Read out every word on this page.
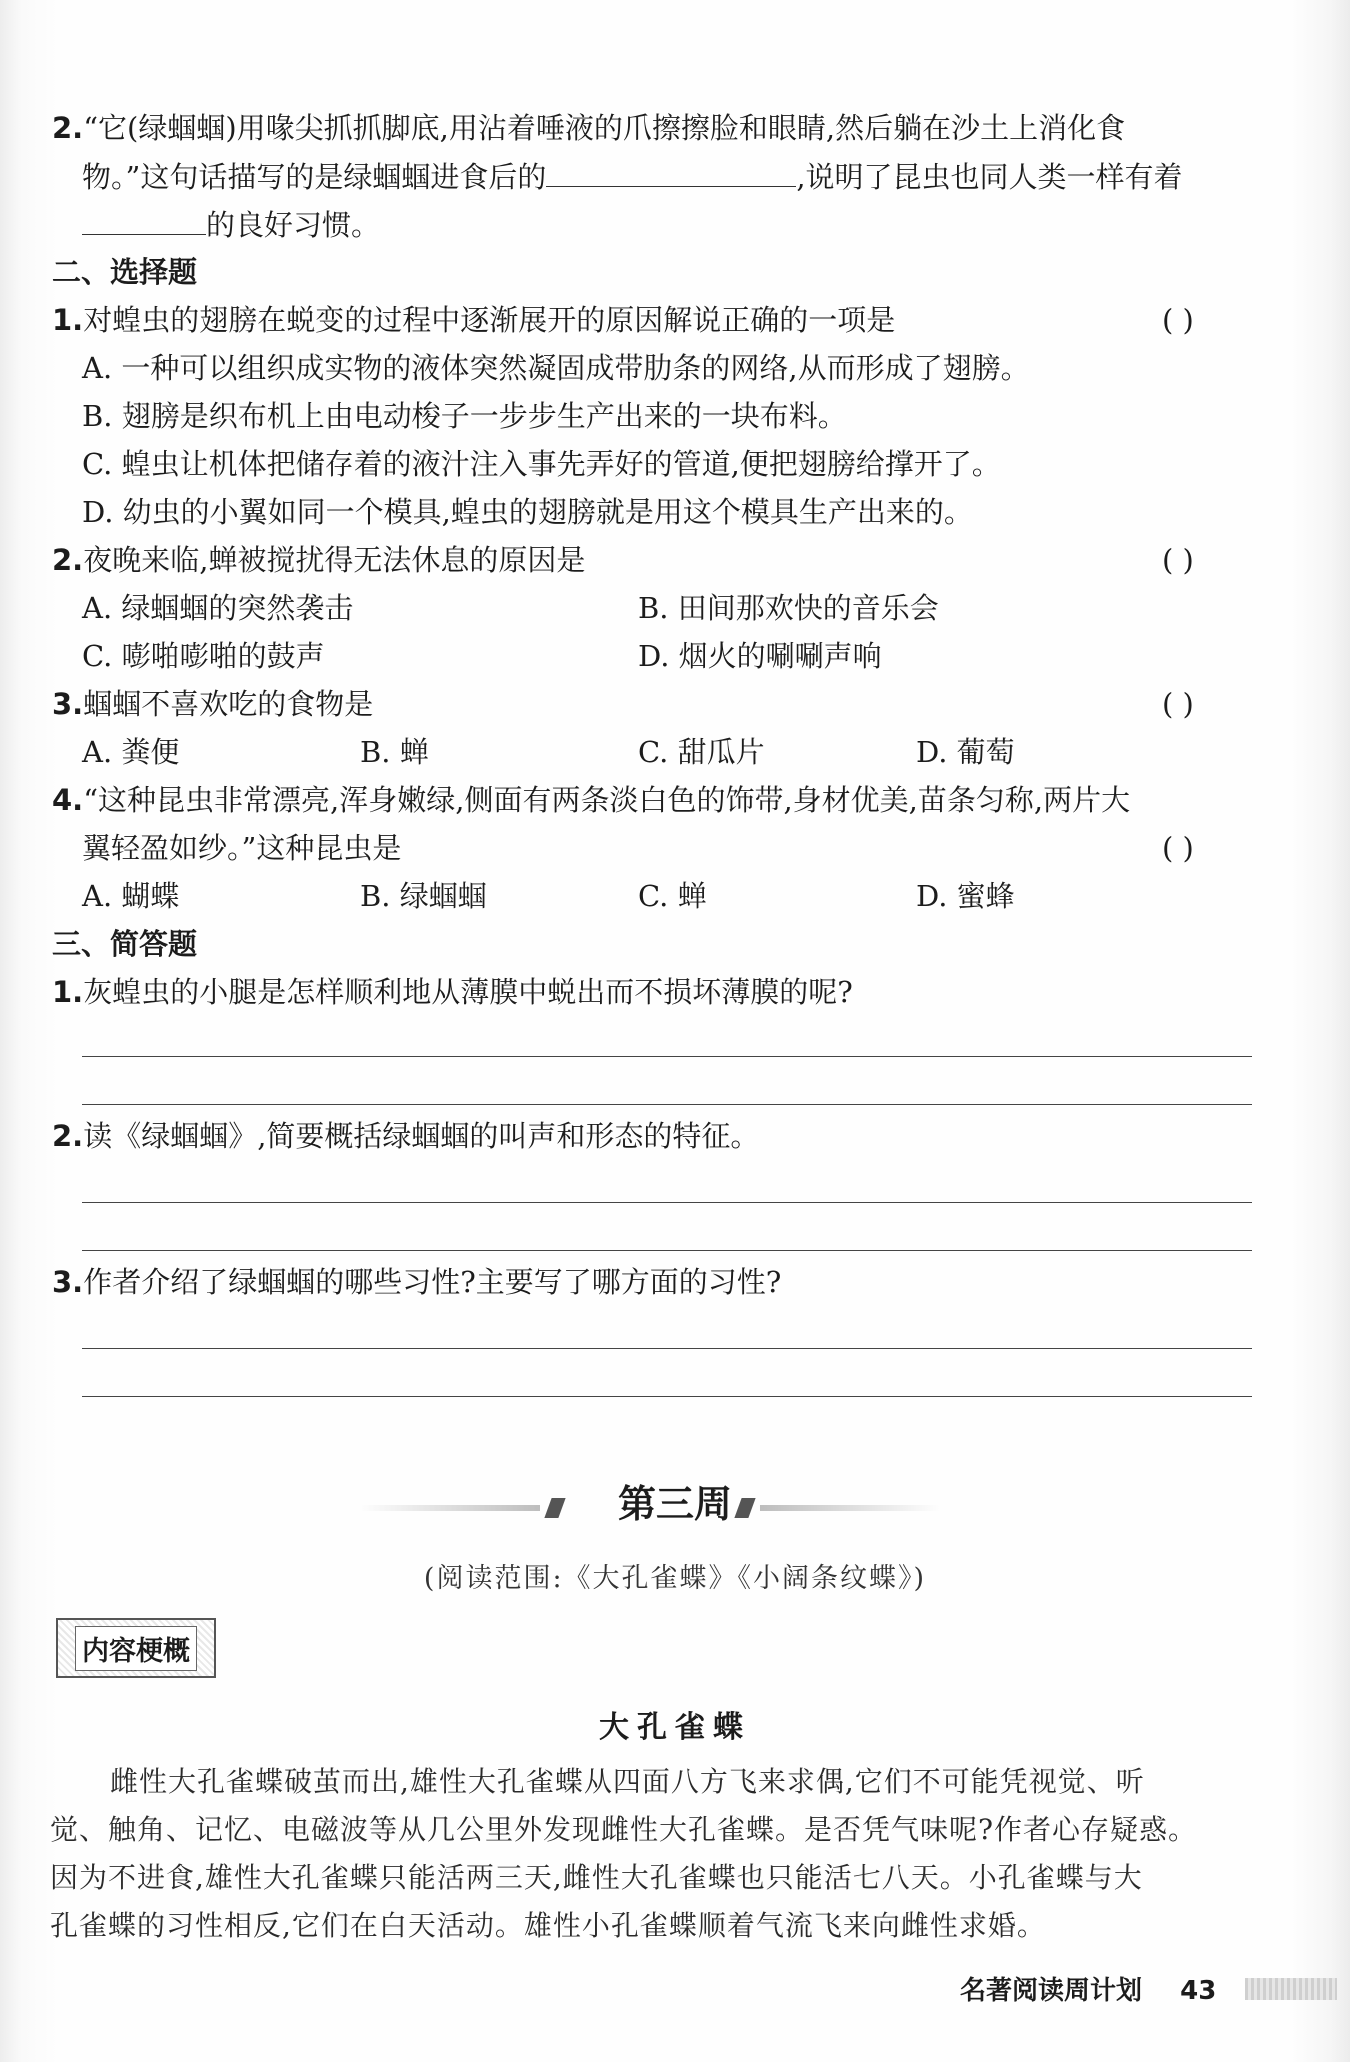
2.“它(绿蝈蝈)用喙尖抓抓脚底,用沾着唾液的爪擦擦脸和眼睛,然后躺在沙土上消化食
物。”这句话描写的是绿蝈蝈进食后的	,说明了昆虫也同人类一样有着
的良好习惯。
二、选择题
1.对蝗虫的翅膀在蜕变的过程中逐渐展开的原因解说正确的一项是	( )
A. 一种可以组织成实物的液体突然凝固成带肋条的网络,从而形成了翅膀。
B. 翅膀是织布机上由电动梭子一步步生产出来的一块布料。
C. 蝗虫让机体把储存着的液汁注入事先弄好的管道,便把翅膀给撑开了。
D. 幼虫的小翼如同一个模具,蝗虫的翅膀就是用这个模具生产出来的。
2.夜晚来临,蝉被搅扰得无法休息的原因是	( )
A. 绿蝈蝈的突然袭击	B. 田间那欢快的音乐会
C. 嘭啪嘭啪的鼓声	D. 烟火的唰唰声响
3.蝈蝈不喜欢吃的食物是	( )
A. 粪便	B. 蝉	C. 甜瓜片	D. 葡萄
4.“这种昆虫非常漂亮,浑身嫩绿,侧面有两条淡白色的饰带,身材优美,苗条匀称,两片大
翼轻盈如纱。”这种昆虫是	( )
A. 蝴蝶	B. 绿蝈蝈	C. 蝉	D. 蜜蜂
三、简答题
1.灰蝗虫的小腿是怎样顺利地从薄膜中蜕出而不损坏薄膜的呢?
2.读《绿蝈蝈》,简要概括绿蝈蝈的叫声和形态的特征。
3.作者介绍了绿蝈蝈的哪些习性?主要写了哪方面的习性?
第三周
(阅读范围:《大孔雀蝶》《小阔条纹蝶》)
内容梗概
大孔雀蝶
雌性大孔雀蝶破茧而出,雄性大孔雀蝶从四面八方飞来求偶,它们不可能凭视觉、听
觉、触角、记忆、电磁波等从几公里外发现雌性大孔雀蝶。是否凭气味呢?作者心存疑惑。
因为不进食,雄性大孔雀蝶只能活两三天,雌性大孔雀蝶也只能活七八天。小孔雀蝶与大
孔雀蝶的习性相反,它们在白天活动。雄性小孔雀蝶顺着气流飞来向雌性求婚。
名著阅读周计划 43
